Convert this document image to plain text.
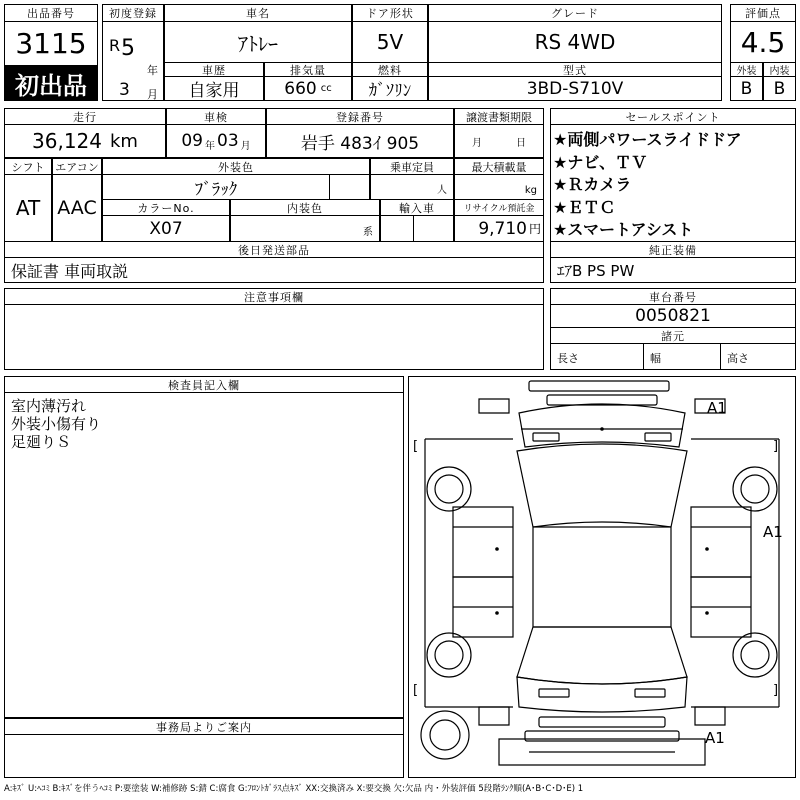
出品番号
3115
初出品
初度登録
R 5
年
3 月
車名
ｱﾄﾚｰ
ドア形状
5V
グレード
RS 4WD
評価点
4.5
外装	内装
B	B
車歴
自家用
排気量
660 cc
燃料
ｶﾞｿﾘﾝ
型式
3BD-S710V
走行
36,124 km
車検
09 年 03 月
登録番号
岩手 483ｲ 905
譲渡書類期限
月	日
シフト
AT
エアコン
AAC
外装色
ﾌﾞﾗｯｸ
乗車定員
人
最大積載量
kg
カラーNo.
X07
内装色
系
輸入車	リサイクル預託金
9,710 円
後日発送部品
保証書 車両取説
セールスポイント
★両側パワースライドドア
★ナビ、ＴＶ
★Ｒカメラ
★ＥＴＣ
★スマートアシスト
純正装備
ｴｱB PS PW
注意事項欄	車台番号
0050821
諸元
長さ	幅	高さ
検査員記入欄
室内薄汚れ
外装小傷有り
足廻りＳ
事務局よりご案内
[	]
[	]
A1
A1
A1
A:ｷｽﾞ U:ﾍｺﾐ B:ｷｽﾞを伴うﾍｺﾐ P:要塗装 W:補修跡 S:錆 C:腐食 G:ﾌﾛﾝﾄｶﾞﾗｽ点ｷｽﾞ XX:交換済み X:要交換 欠:欠品 内・外装評価 5段階ﾗﾝｸ順(A･B･C･D･E) 1
